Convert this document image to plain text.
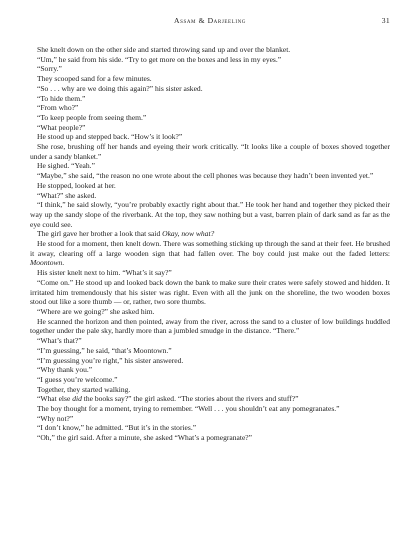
Assam & Darjeeling	31

She knelt down on the other side and started throwing sand up and over the blanket.

“Um,” he said from his side. “Try to get more on the boxes and less in my eyes.”

“Sorry.”

They scooped sand for a few minutes.

“So . . . why are we doing this again?” his sister asked.

“To hide them.”

“From who?”

“To keep people from seeing them.”

“What people?”

He stood up and stepped back. “How’s it look?”

She rose, brushing off her hands and eyeing their work critically. “It looks like a couple of boxes shoved together under a sandy blanket.”

He sighed. “Yeah.”

“Maybe,” she said, “the reason no one wrote about the cell phones was because they hadn’t been invented yet.”

He stopped, looked at her.

“What?” she asked.

“I think,” he said slowly, “you’re probably exactly right about that.” He took her hand and together they picked their way up the sandy slope of the riverbank. At the top, they saw nothing but a vast, barren plain of dark sand as far as the eye could see.

The girl gave her brother a look that said Okay, now what?

He stood for a moment, then knelt down. There was something sticking up through the sand at their feet. He brushed it away, clearing off a large wooden sign that had fallen over. The boy could just make out the faded letters: Moontown.

His sister knelt next to him. “What’s it say?”

“Come on.” He stood up and looked back down the bank to make sure their crates were safely stowed and hidden. It irritated him tremendously that his sister was right. Even with all the junk on the shoreline, the two wooden boxes stood out like a sore thumb — or, rather, two sore thumbs.

“Where are we going?” she asked him.

He scanned the horizon and then pointed, away from the river, across the sand to a cluster of low buildings huddled together under the pale sky, hardly more than a jumbled smudge in the distance. “There.”

“What’s that?”

“I’m guessing,” he said, “that’s Moontown.”

“I’m guessing you’re right,” his sister answered.

“Why thank you.”

“I guess you’re welcome.”

Together, they started walking.

“What else did the books say?” the girl asked. “The stories about the rivers and stuff?”

The boy thought for a moment, trying to remember. “Well . . . you shouldn’t eat any pomegranates.”

“Why not?”

“I don’t know,” he admitted. “But it’s in the stories.”

“Oh,” the girl said. After a minute, she asked “What’s a pomegranate?”
